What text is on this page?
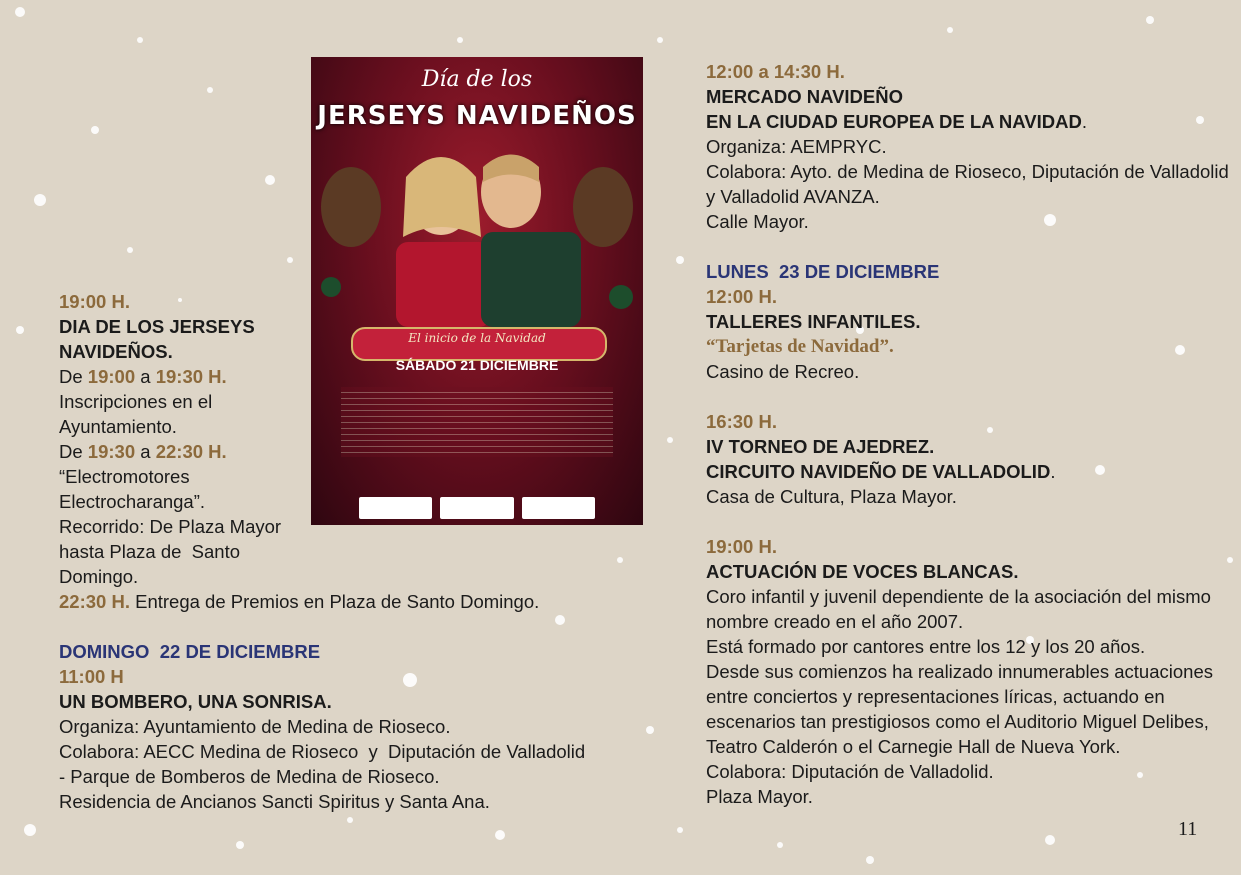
Día de los
JERSEYS NAVIDEÑOS
El inicio de la Navidad
SÁBADO 21 DICIEMBRE
19:00 H.
DIA DE LOS JERSEYS
NAVIDEÑOS.
De 19:00 a 19:30 H.
Inscripciones en el
Ayuntamiento.
De 19:30 a 22:30 H.
“Electromotores
Electrocharanga”.
Recorrido: De Plaza Mayor
hasta Plaza de  Santo
Domingo.
22:30 H. Entrega de Premios en Plaza de Santo Domingo.
DOMINGO  22 DE DICIEMBRE
11:00 H
UN BOMBERO, UNA SONRISA.
Organiza: Ayuntamiento de Medina de Rioseco.
Colabora: AECC Medina de Rioseco  y  Diputación de Valladolid
- Parque de Bomberos de Medina de Rioseco.
Residencia de Ancianos Sancti Spiritus y Santa Ana.
12:00 a 14:30 H.
MERCADO NAVIDEÑO
EN LA CIUDAD EUROPEA DE LA NAVIDAD.
Organiza: AEMPRYC.
Colabora: Ayto. de Medina de Rioseco, Diputación de Valladolid
y Valladolid AVANZA.
Calle Mayor.
LUNES  23 DE DICIEMBRE
12:00 H.
TALLERES INFANTILES.
“Tarjetas de Navidad”.
Casino de Recreo.
16:30 H.
IV TORNEO DE AJEDREZ.
CIRCUITO NAVIDEÑO DE VALLADOLID.
Casa de Cultura, Plaza Mayor.
19:00 H.
ACTUACIÓN DE VOCES BLANCAS.
Coro infantil y juvenil dependiente de la asociación del mismo
nombre creado en el año 2007.
Está formado por cantores entre los 12 y los 20 años.
Desde sus comienzos ha realizado innumerables actuaciones
entre conciertos y representaciones líricas, actuando en
escenarios tan prestigiosos como el Auditorio Miguel Delibes,
Teatro Calderón o el Carnegie Hall de Nueva York.
Colabora: Diputación de Valladolid.
Plaza Mayor.
11
